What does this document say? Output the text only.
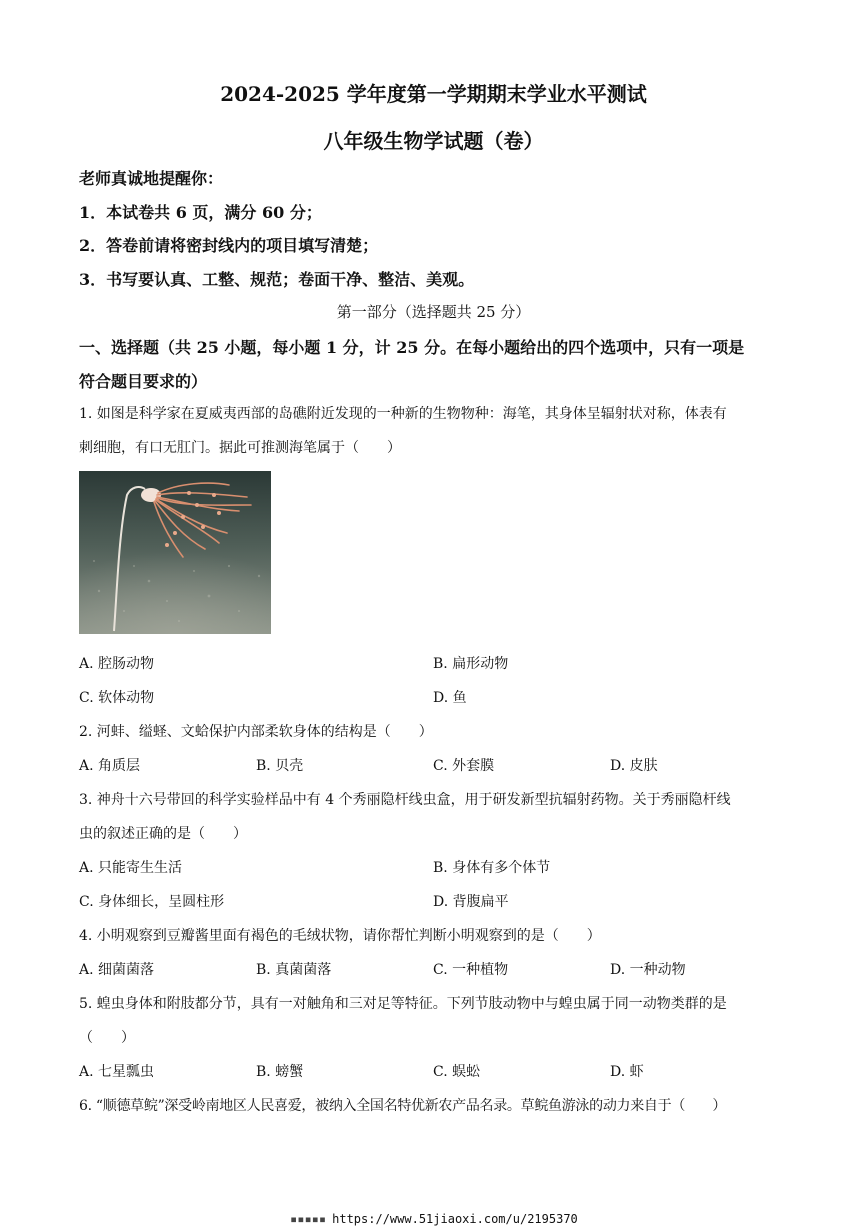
2024-2025 学年度第一学期期末学业水平测试
八年级生物学试题（卷）
老师真诚地提醒你：
1．本试卷共 6 页，满分 60 分；
2．答卷前请将密封线内的项目填写清楚；
3．书写要认真、工整、规范；卷面干净、整洁、美观。
第一部分（选择题共 25 分）
一、选择题（共 25 小题，每小题 1 分，计 25 分。在每小题给出的四个选项中，只有一项是
符合题目要求的）
1. 如图是科学家在夏威夷西部的岛礁附近发现的一种新的生物物种：海笔，其身体呈辐射状对称，体表有
刺细胞，有口无肛门。据此可推测海笔属于（　　）
A. 腔肠动物	B. 扁形动物
C. 软体动物	D. 鱼
2. 河蚌、缢蛏、文蛤保护内部柔软身体的结构是（　　）
A. 角质层	B. 贝壳	C. 外套膜	D. 皮肤
3. 神舟十六号带回的科学实验样品中有 4 个秀丽隐杆线虫盒，用于研发新型抗辐射药物。关于秀丽隐杆线
虫的叙述正确的是（　　）
A. 只能寄生生活	B. 身体有多个体节
C. 身体细长，呈圆柱形	D. 背腹扁平
4. 小明观察到豆瓣酱里面有褐色的毛绒状物，请你帮忙判断小明观察到的是（　　）
A. 细菌菌落	B. 真菌菌落	C. 一种植物	D. 一种动物
5. 蝗虫身体和附肢都分节，具有一对触角和三对足等特征。下列节肢动物中与蝗虫属于同一动物类群的是
（　　）
A. 七星瓢虫	B. 螃蟹	C. 蜈蚣	D. 虾
6. “顺德草鲩”深受岭南地区人民喜爱，被纳入全国名特优新农产品名录。草鲩鱼游泳的动力来自于（　　）
▪▪▪▪▪ https://www.51jiaoxi.com/u/2195370
